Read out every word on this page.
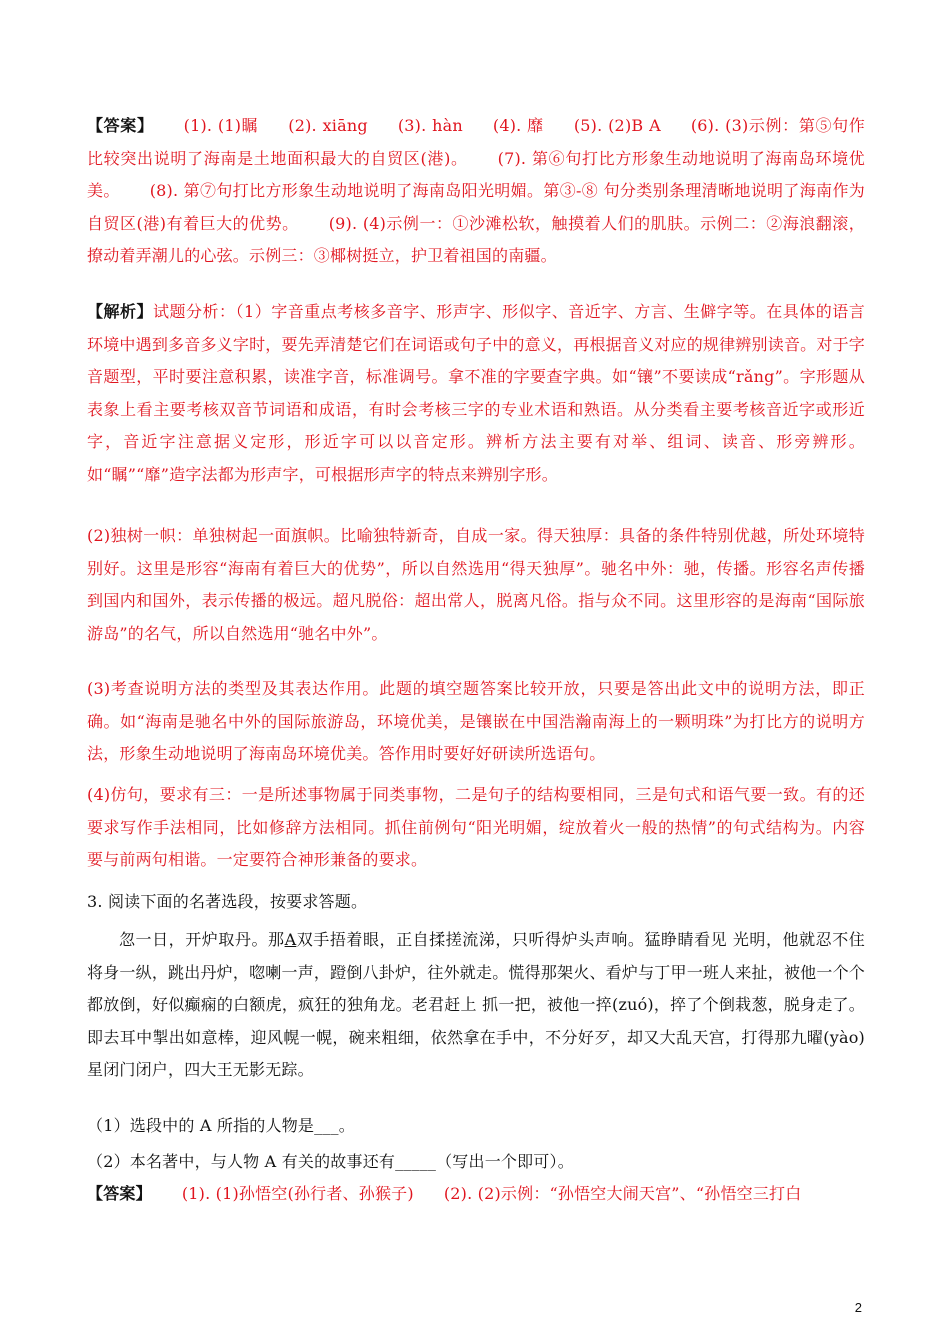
【答案】 (1). (1)瞩 (2). xiāng (3). hàn (4). 靡 (5). (2)B A (6). (3)示例：第⑤句作比较突出说明了海南是土地面积最大的自贸区(港)。 (7). 第⑥句打比方形象生动地说明了海南岛环境优美。 (8). 第⑦句打比方形象生动地说明了海南岛阳光明媚。第③-⑧ 句分类别条理清晰地说明了海南作为自贸区(港)有着巨大的优势。 (9). (4)示例一：①沙滩松软，触摸着人们的肌肤。示例二：②海浪翻滚，撩动着弄潮儿的心弦。示例三：③椰树挺立，护卫着祖国的南疆。
【解析】试题分析：（1）字音重点考核多音字、形声字、形似字、音近字、方言、生僻字等。在具体的语言环境中遇到多音多义字时，要先弄清楚它们在词语或句子中的意义，再根据音义对应的规律辨别读音。对于字音题型，平时要注意积累，读准字音，标准调号。拿不准的字要查字典。如“镶”不要读成“rǎng”。字形题从表象上看主要考核双音节词语和成语，有时会考核三字的专业术语和熟语。从分类看主要考核音近字或形近字，音近字注意据义定形，形近字可以以音定形。辨析方法主要有对举、组词、读音、形旁辨形。如“瞩”“靡”造字法都为形声字，可根据形声字的特点来辨别字形。
(2)独树一帜：单独树起一面旗帜。比喻独特新奇，自成一家。得天独厚：具备的条件特别优越，所处环境特别好。这里是形容“海南有着巨大的优势”，所以自然选用“得天独厚”。驰名中外：驰，传播。形容名声传播到国内和国外，表示传播的极远。超凡脱俗：超出常人，脱离凡俗。指与众不同。这里形容的是海南“国际旅游岛”的名气，所以自然选用“驰名中外”。
(3)考查说明方法的类型及其表达作用。此题的填空题答案比较开放，只要是答出此文中的说明方法，即正确。如“海南是驰名中外的国际旅游岛，环境优美，是镶嵌在中国浩瀚南海上的一颗明珠”为打比方的说明方法，形象生动地说明了海南岛环境优美。答作用时要好好研读所选语句。
(4)仿句，要求有三：一是所述事物属于同类事物，二是句子的结构要相同，三是句式和语气要一致。有的还要求写作手法相同，比如修辞方法相同。抓住前例句“阳光明媚，绽放着火一般的热情”的句式结构为。内容要与前两句相谐。一定要符合神形兼备的要求。
3. 阅读下面的名著选段，按要求答题。
忽一日，开炉取丹。那A双手捂着眼，正自揉搓流涕，只听得炉头声响。猛睁睛看见 光明，他就忍不住将身一纵，跳出丹炉，唿喇一声，蹬倒八卦炉，往外就走。慌得那架火、看炉与丁甲一班人来扯，被他一个个都放倒，好似癫痫的白额虎，疯狂的独角龙。老君赶上 抓一把，被他一捽(zuó)，捽了个倒栽葱，脱身走了。即去耳中掣出如意棒，迎风幌一幌，碗来粗细，依然拿在手中，不分好歹，却又大乱天宫，打得那九曜(yào)星闭门闭户，四大王无影无踪。
（1）选段中的 A 所指的人物是___。
（2）本名著中，与人物 A 有关的故事还有_____（写出一个即可）。
【答案】 (1). (1)孙悟空(孙行者、孙猴子) (2). (2)示例：“孙悟空大闹天宫”、“孙悟空三打白
2
